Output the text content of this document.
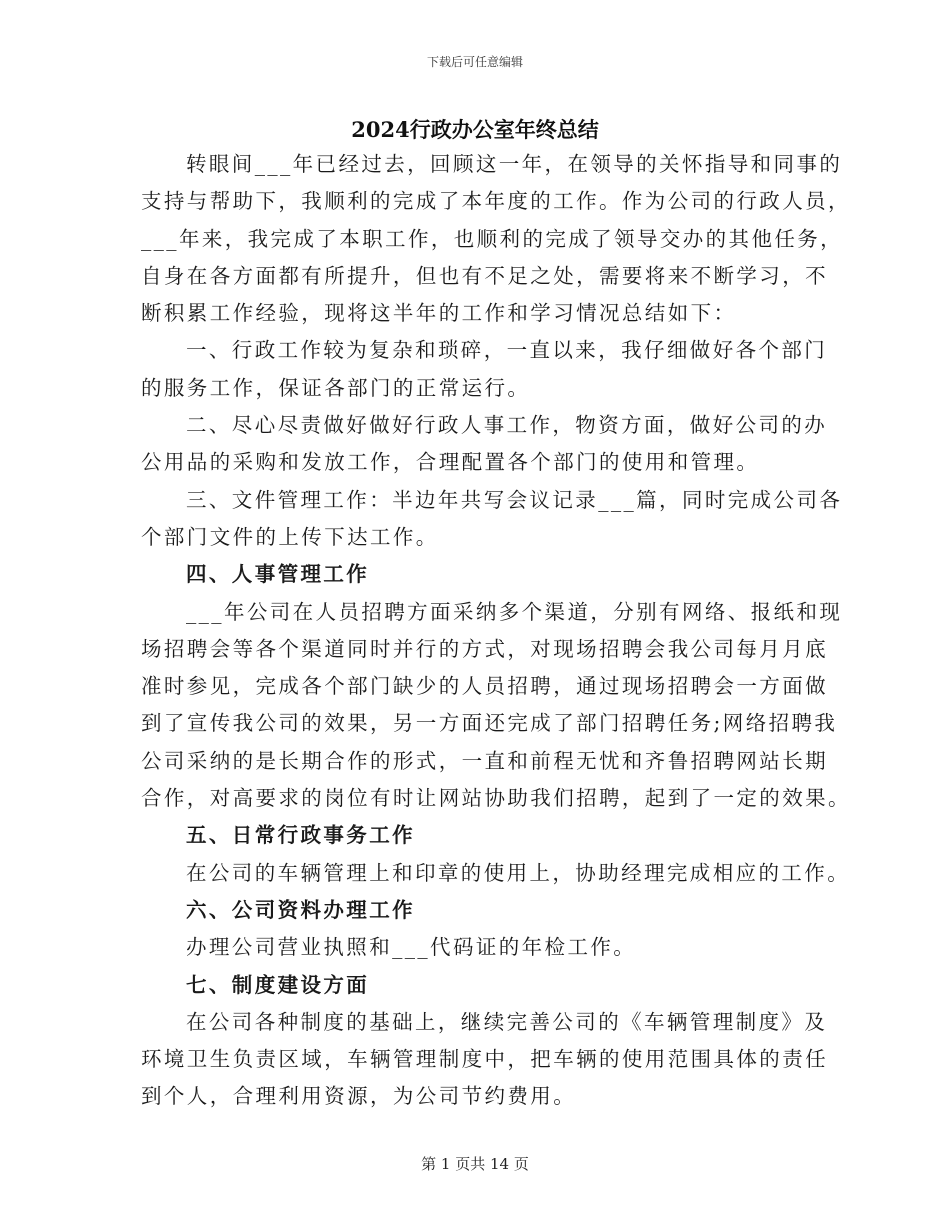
下载后可任意编辑
2024行政办公室年终总结
转眼间___年已经过去，回顾这一年，在领导的关怀指导和同事的
支持与帮助下，我顺利的完成了本年度的工作。作为公司的行政人员，
___年来，我完成了本职工作，也顺利的完成了领导交办的其他任务，
自身在各方面都有所提升，但也有不足之处，需要将来不断学习，不
断积累工作经验，现将这半年的工作和学习情况总结如下：
一、行政工作较为复杂和琐碎，一直以来，我仔细做好各个部门
的服务工作，保证各部门的正常运行。
二、尽心尽责做好做好行政人事工作，物资方面，做好公司的办
公用品的采购和发放工作，合理配置各个部门的使用和管理。
三、文件管理工作：半边年共写会议记录___篇，同时完成公司各
个部门文件的上传下达工作。
四、人事管理工作
___年公司在人员招聘方面采纳多个渠道，分别有网络、报纸和现
场招聘会等各个渠道同时并行的方式，对现场招聘会我公司每月月底
准时参见，完成各个部门缺少的人员招聘，通过现场招聘会一方面做
到了宣传我公司的效果，另一方面还完成了部门招聘任务;网络招聘我
公司采纳的是长期合作的形式，一直和前程无忧和齐鲁招聘网站长期
合作，对高要求的岗位有时让网站协助我们招聘，起到了一定的效果。
五、日常行政事务工作
在公司的车辆管理上和印章的使用上，协助经理完成相应的工作。
六、公司资料办理工作
办理公司营业执照和___代码证的年检工作。
七、制度建设方面
在公司各种制度的基础上，继续完善公司的《车辆管理制度》及
环境卫生负责区域，车辆管理制度中，把车辆的使用范围具体的责任
到个人，合理利用资源，为公司节约费用。
第 1 页共 14 页
